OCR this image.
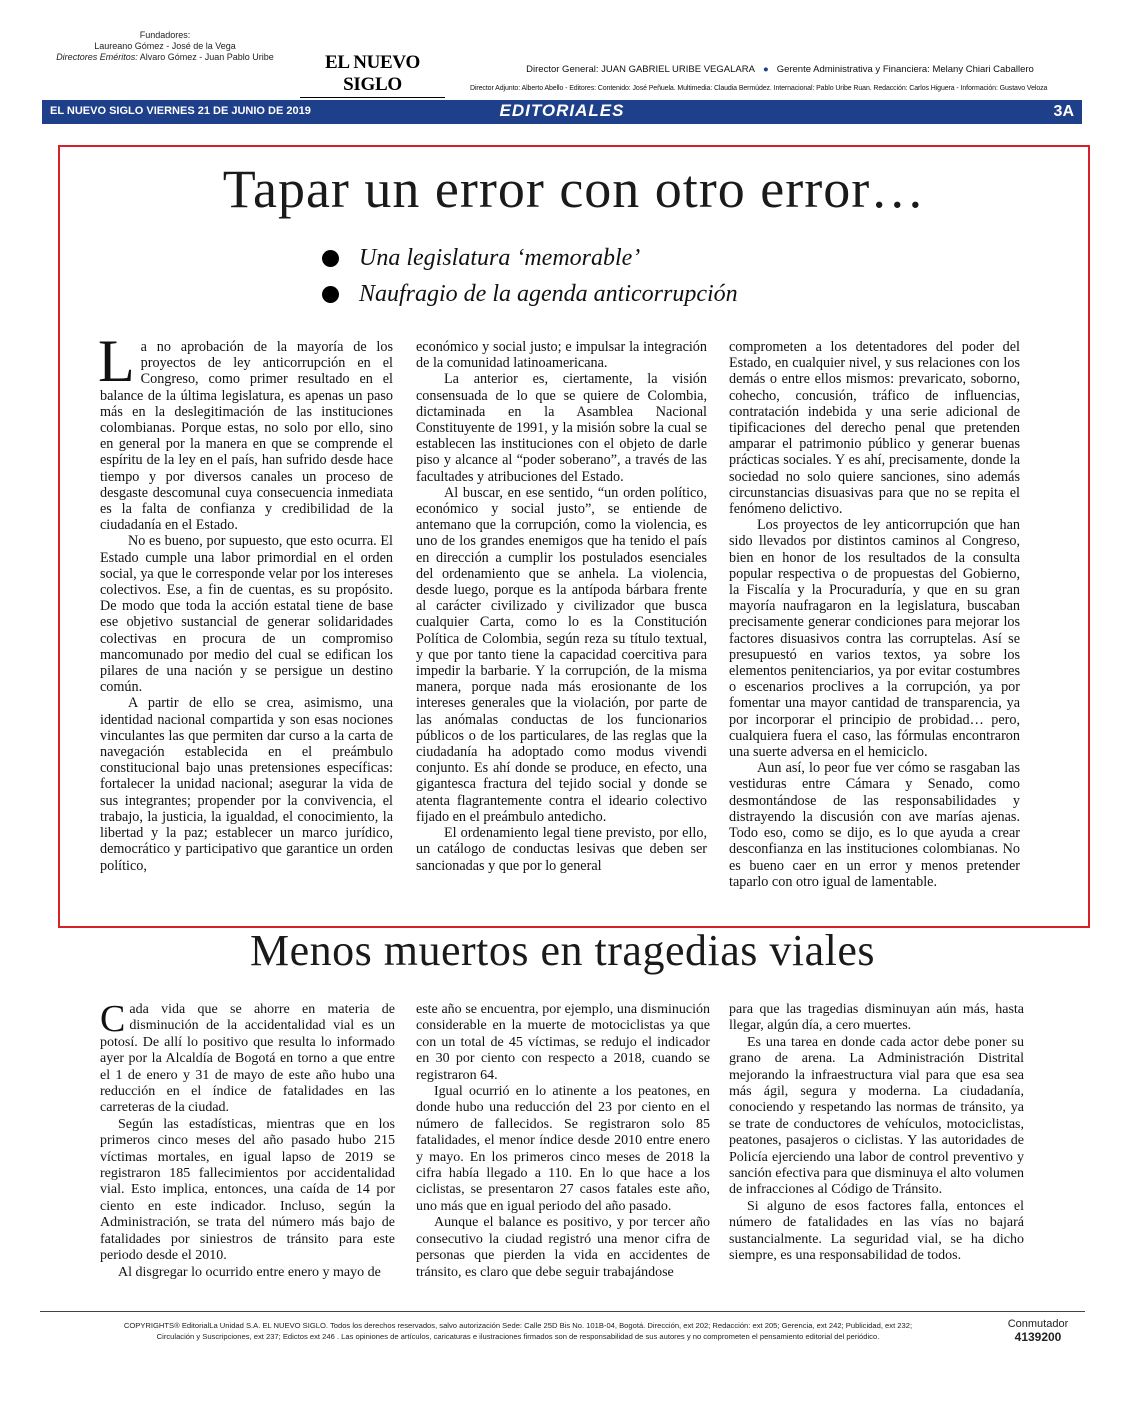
Fundadores:
Laureano Gómez - José de la Vega
Directores Eméritos: Alvaro Gómez - Juan Pablo Uribe	EL NUEVO SIGLO
Director General: JUAN GABRIEL URIBE VEGALARA ● Gerente Administrativa y Financiera: Melany Chiari Caballero
Director Adjunto: Alberto Abello - Editores: Contenido: José Peñuela. Multimedia: Claudia Bermúdez. Internacional: Pablo Uribe Ruan. Redacción: Carlos Higuera - Información: Gustavo Veloza
EDITORIALES
EL NUEVO SIGLO VIERNES 21 DE JUNIO DE 2019	3A
Tapar un error con otro error…
Una legislatura ‘memorable’
Naufragio de la agenda anticorrupción

La no aprobación de la mayoría de los proyectos de ley anticorrupción en el Congreso, como primer resultado en el balance de la última legislatura, es apenas un paso más en la deslegitimación de las instituciones colombianas. Porque estas, no solo por ello, sino en general por la manera en que se comprende el espíritu de la ley en el país, han sufrido desde hace tiempo y por diversos canales un proceso de desgaste descomunal cuya consecuencia inmediata es la falta de confianza y credibilidad de la ciudadanía en el Estado.

No es bueno, por supuesto, que esto ocurra. El Estado cumple una labor primordial en el orden social, ya que le corresponde velar por los intereses colectivos. Ese, a fin de cuentas, es su propósito. De modo que toda la acción estatal tiene de base ese objetivo sustancial de generar solidaridades colectivas en procura de un compromiso mancomunado por medio del cual se edifican los pilares de una nación y se persigue un destino común.

A partir de ello se crea, asimismo, una identidad nacional compartida y son esas nociones vinculantes las que permiten dar curso a la carta de navegación establecida en el preámbulo constitucional bajo unas pretensiones específicas: fortalecer la unidad nacional; asegurar la vida de sus integrantes; propender por la convivencia, el trabajo, la justicia, la igualdad, el conocimiento, la libertad y la paz; establecer un marco jurídico, democrático y participativo que garantice un orden político,

económico y social justo; e impulsar la integración de la comunidad latinoamericana.

La anterior es, ciertamente, la visión consensuada de lo que se quiere de Colombia, dictaminada en la Asamblea Nacional Constituyente de 1991, y la misión sobre la cual se establecen las instituciones con el objeto de darle piso y alcance al “poder soberano”, a través de las facultades y atribuciones del Estado.

Al buscar, en ese sentido, “un orden político, económico y social justo”, se entiende de antemano que la corrupción, como la violencia, es uno de los grandes enemigos que ha tenido el país en dirección a cumplir los postulados esenciales del ordenamiento que se anhela. La violencia, desde luego, porque es la antípoda bárbara frente al carácter civilizado y civilizador que busca cualquier Carta, como lo es la Constitución Política de Colombia, según reza su título textual, y que por tanto tiene la capacidad coercitiva para impedir la barbarie. Y la corrupción, de la misma manera, porque nada más erosionante de los intereses generales que la violación, por parte de las anómalas conductas de los funcionarios públicos o de los particulares, de las reglas que la ciudadanía ha adoptado como modus vivendi conjunto. Es ahí donde se produce, en efecto, una gigantesca fractura del tejido social y donde se atenta flagrantemente contra el ideario colectivo fijado en el preámbulo antedicho.

El ordenamiento legal tiene previsto, por ello, un catálogo de conductas lesivas que deben ser sancionadas y que por lo general

comprometen a los detentadores del poder del Estado, en cualquier nivel, y sus relaciones con los demás o entre ellos mismos: prevaricato, soborno, cohecho, concusión, tráfico de influencias, contratación indebida y una serie adicional de tipificaciones del derecho penal que pretenden amparar el patrimonio público y generar buenas prácticas sociales. Y es ahí, precisamente, donde la sociedad no solo quiere sanciones, sino además circunstancias disuasivas para que no se repita el fenómeno delictivo.

Los proyectos de ley anticorrupción que han sido llevados por distintos caminos al Congreso, bien en honor de los resultados de la consulta popular respectiva o de propuestas del Gobierno, la Fiscalía y la Procuraduría, y que en su gran mayoría naufragaron en la legislatura, buscaban precisamente generar condiciones para mejorar los factores disuasivos contra las corruptelas. Así se presupuestó en varios textos, ya sobre los elementos penitenciarios, ya por evitar costumbres o escenarios proclives a la corrupción, ya por fomentar una mayor cantidad de transparencia, ya por incorporar el principio de probidad… pero, cualquiera fuera el caso, las fórmulas encontraron una suerte adversa en el hemiciclo.

Aun así, lo peor fue ver cómo se rasgaban las vestiduras entre Cámara y Senado, como desmontándose de las responsabilidades y distrayendo la discusión con ave marías ajenas. Todo eso, como se dijo, es lo que ayuda a crear desconfianza en las instituciones colombianas. No es bueno caer en un error y menos pretender taparlo con otro igual de lamentable.

Menos muertos en tragedias viales

Cada vida que se ahorre en materia de disminución de la accidentalidad vial es un potosí. De allí lo positivo que resulta lo informado ayer por la Alcaldía de Bogotá en torno a que entre el 1 de enero y 31 de mayo de este año hubo una reducción en el índice de fatalidades en las carreteras de la ciudad.

Según las estadísticas, mientras que en los primeros cinco meses del año pasado hubo 215 víctimas mortales, en igual lapso de 2019 se registraron 185 fallecimientos por accidentalidad vial. Esto implica, entonces, una caída de 14 por ciento en este indicador. Incluso, según la Administración, se trata del número más bajo de fatalidades por siniestros de tránsito para este periodo desde el 2010.

Al disgregar lo ocurrido entre enero y mayo de

este año se encuentra, por ejemplo, una disminución considerable en la muerte de motociclistas ya que con un total de 45 víctimas, se redujo el indicador en 30 por ciento con respecto a 2018, cuando se registraron 64.

Igual ocurrió en lo atinente a los peatones, en donde hubo una reducción del 23 por ciento en el número de fallecidos. Se registraron solo 85 fatalidades, el menor índice desde 2010 entre enero y mayo. En los primeros cinco meses de 2018 la cifra había llegado a 110. En lo que hace a los ciclistas, se presentaron 27 casos fatales este año, uno más que en igual periodo del año pasado.

Aunque el balance es positivo, y por tercer año consecutivo la ciudad registró una menor cifra de personas que pierden la vida en accidentes de tránsito, es claro que debe seguir trabajándose

para que las tragedias disminuyan aún más, hasta llegar, algún día, a cero muertes.

Es una tarea en donde cada actor debe poner su grano de arena. La Administración Distrital mejorando la infraestructura vial para que esa sea más ágil, segura y moderna. La ciudadanía, conociendo y respetando las normas de tránsito, ya se trate de conductores de vehículos, motociclistas, peatones, pasajeros o ciclistas. Y las autoridades de Policía ejerciendo una labor de control preventivo y sanción efectiva para que disminuya el alto volumen de infracciones al Código de Tránsito.

Si alguno de esos factores falla, entonces el número de fatalidades en las vías no bajará sustancialmente. La seguridad vial, se ha dicho siempre, es una responsabilidad de todos.

COPYRIGHTS® EditorialLa Unidad S.A. EL NUEVO SIGLO. Todos los derechos reservados, salvo autorización Sede: Calle 25D Bis No. 101B-04, Bogotá. Dirección, ext 202; Redacción: ext 205; Gerencia, ext 242; Publicidad, ext 232;
Circulación y Suscripciones, ext 237; Edictos ext 246 . Las opiniones de artículos, caricaturas e ilustraciones firmados son de responsabilidad de sus autores y no comprometen el pensamiento editorial del periódico.
Conmutador
4139200
